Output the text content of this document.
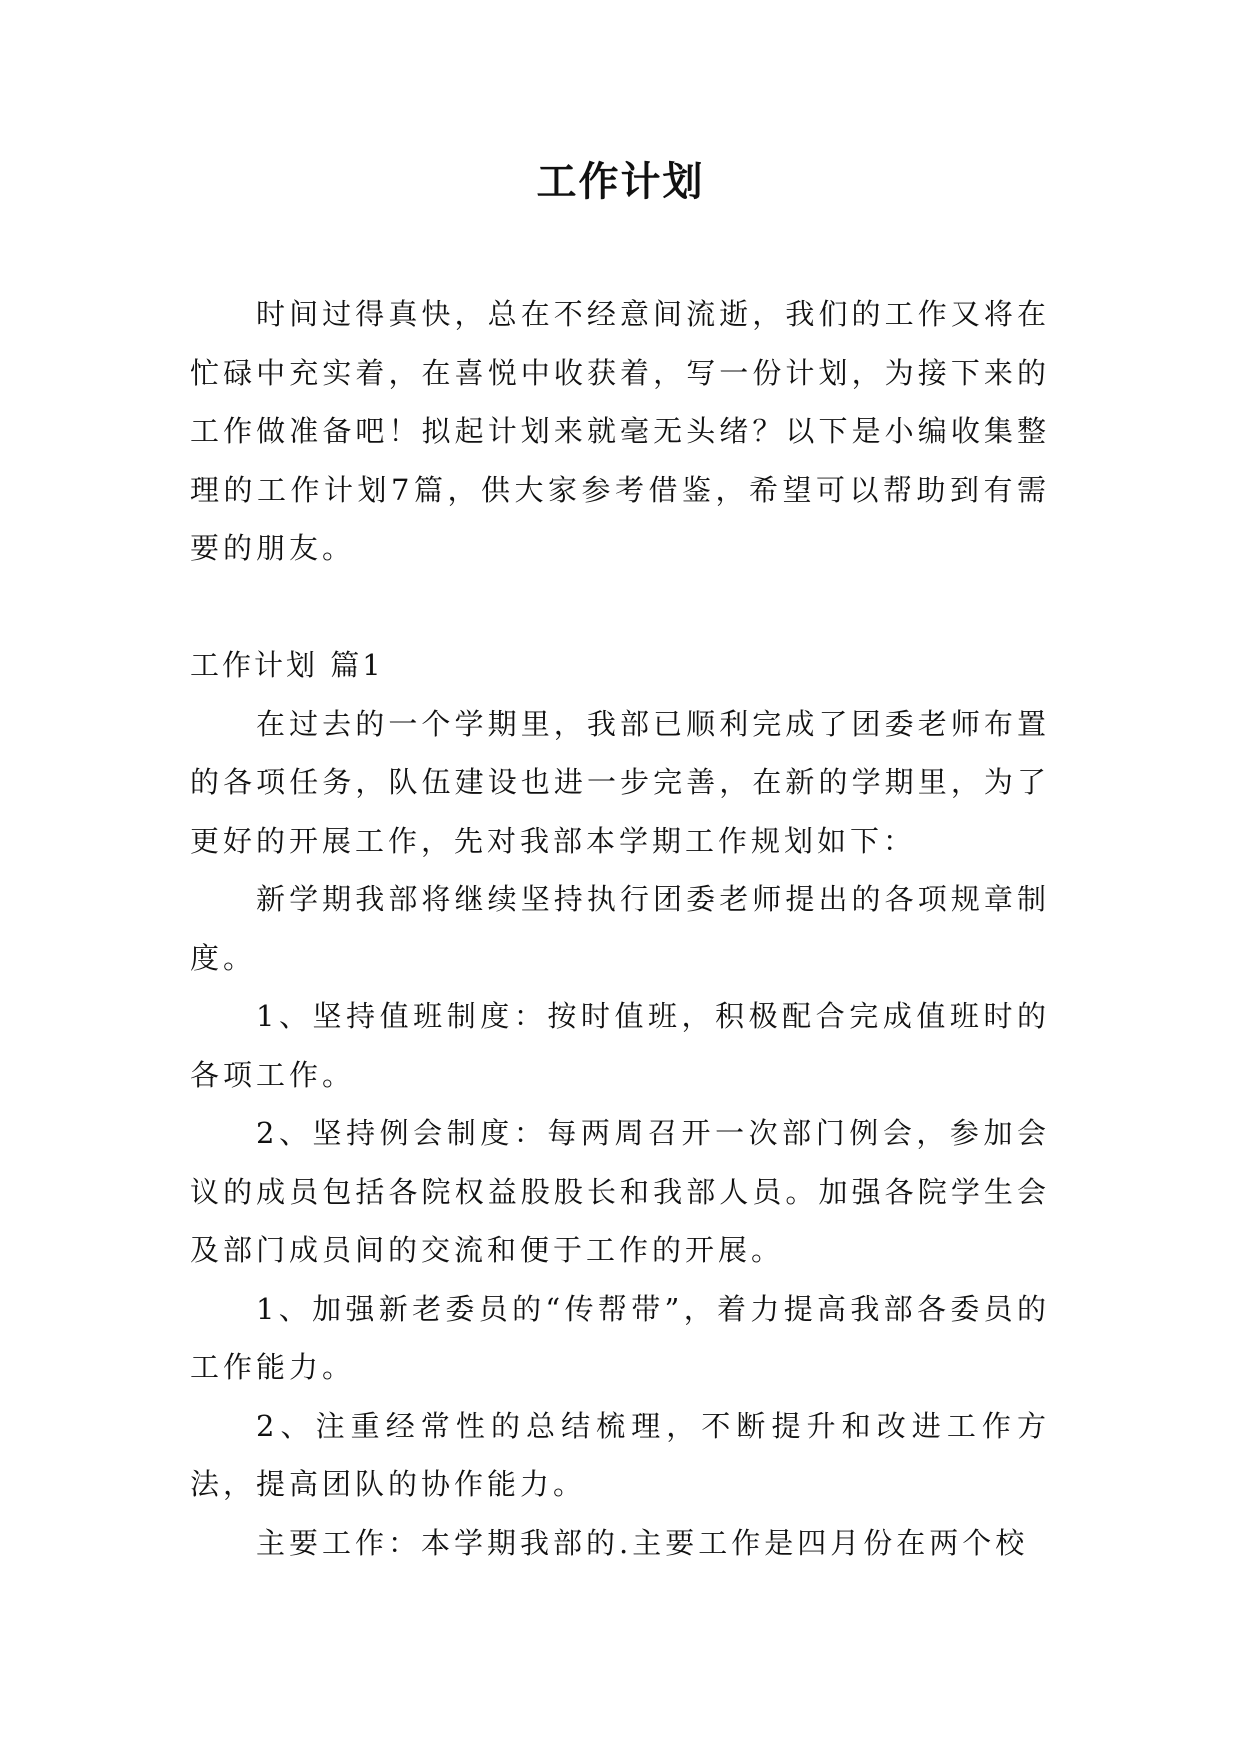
工作计划

时间过得真快，总在不经意间流逝，我们的工作又将在忙碌中充实着，在喜悦中收获着，写一份计划，为接下来的工作做准备吧！拟起计划来就毫无头绪？以下是小编收集整理的工作计划7篇，供大家参考借鉴，希望可以帮助到有需要的朋友。

工作计划 篇1

在过去的一个学期里，我部已顺利完成了团委老师布置的各项任务，队伍建设也进一步完善，在新的学期里，为了更好的开展工作，先对我部本学期工作规划如下：

新学期我部将继续坚持执行团委老师提出的各项规章制度。

1、坚持值班制度：按时值班，积极配合完成值班时的各项工作。

2、坚持例会制度：每两周召开一次部门例会，参加会议的成员包括各院权益股股长和我部人员。加强各院学生会及部门成员间的交流和便于工作的开展。

1、加强新老委员的“传帮带”，着力提高我部各委员的工作能力。

2、注重经常性的总结梳理，不断提升和改进工作方法，提高团队的协作能力。

主要工作：本学期我部的.主要工作是四月份在两个校
